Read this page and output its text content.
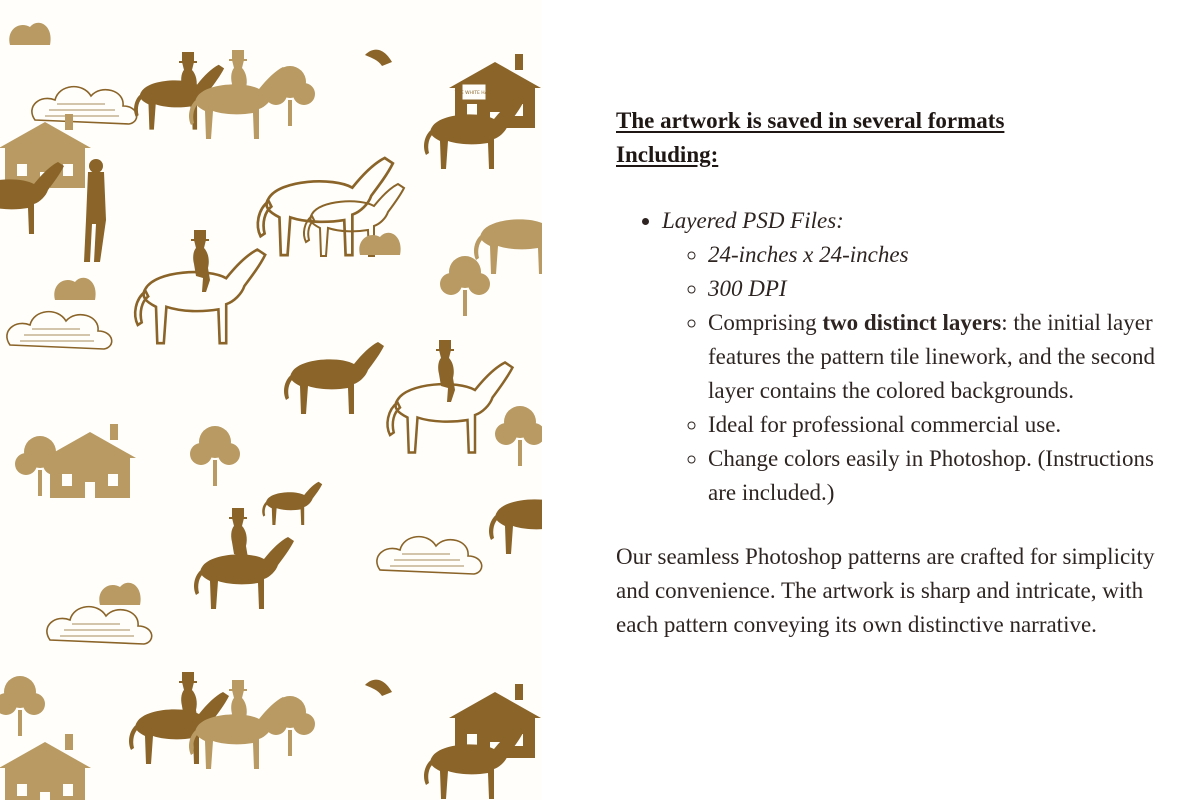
THE WHITE HART
The artwork is saved in several formats
Including:
• Layered PSD Files:
◦ 24-inches x 24-inches
◦ 300 DPI
◦ Comprising two distinct layers: the initial layer features the pattern tile linework, and the second layer contains the colored backgrounds.
◦ Ideal for professional commercial use.
◦ Change colors easily in Photoshop. (Instructions are included.)

Our seamless Photoshop patterns are crafted for simplicity and convenience. The artwork is sharp and intricate, with each pattern conveying its own distinctive narrative.
